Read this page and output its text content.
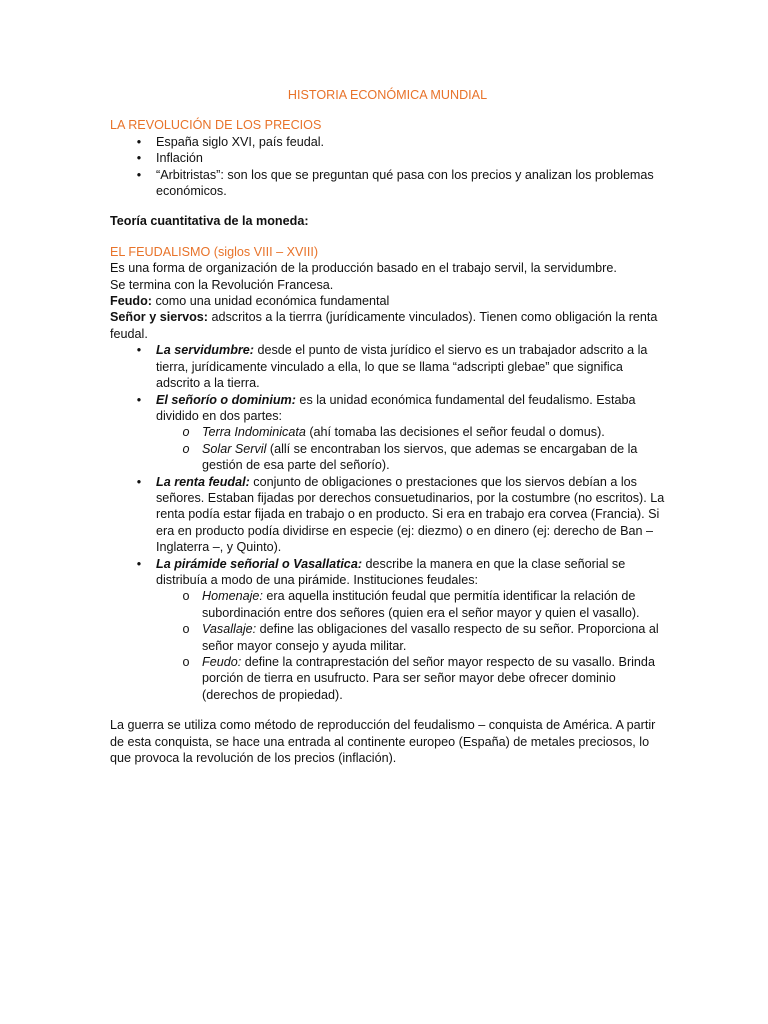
HISTORIA ECONÓMICA MUNDIAL

LA REVOLUCIÓN DE LOS PRECIOS

•	España siglo XVI, país feudal.
•	Inflación
•	“Arbitristas”: son los que se preguntan qué pasa con los precios y analizan los problemas económicos.

Teoría cuantitativa de la moneda:

EL FEUDALISMO (siglos VIII – XVIII)

Es una forma de organización de la producción basado en el trabajo servil, la servidumbre.

Se termina con la Revolución Francesa.

Feudo: como una unidad económica fundamental

Señor y siervos: adscritos a la tierrra (jurídicamente vinculados). Tienen como obligación la renta feudal.

•	La servidumbre: desde el punto de vista jurídico el siervo es un trabajador adscrito a la tierra, jurídicamente vinculado a ella, lo que se llama “adscripti glebae” que significa adscrito a la tierra.
•	El señorío o dominium: es la unidad económica fundamental del feudalismo. Estaba dividido en dos partes:
o Terra Indominicata (ahí tomaba las decisiones el señor feudal o domus).
o Solar Servil (allí se encontraban los siervos, que ademas se encargaban de la gestión de esa parte del señorío).
•	La renta feudal: conjunto de obligaciones o prestaciones que los siervos debían a los señores. Estaban fijadas por derechos consuetudinarios, por la costumbre (no escritos). La renta podía estar fijada en trabajo o en producto. Si era en trabajo era corvea (Francia). Si era en producto podía dividirse en especie (ej: diezmo) o en dinero (ej: derecho de Ban – Inglaterra –, y Quinto).
•	La pirámide señorial o Vasallatica: describe la manera en que la clase señorial se distribuía a modo de una pirámide. Instituciones feudales:
o Homenaje: era aquella institución feudal que permitía identificar la relación de subordinación entre dos señores (quien era el señor mayor y quien el vasallo).
o Vasallaje: define las obligaciones del vasallo respecto de su señor. Proporciona al señor mayor consejo y ayuda militar.
o Feudo: define la contraprestación del señor mayor respecto de su vasallo. Brinda porción de tierra en usufructo. Para ser señor mayor debe ofrecer dominio (derechos de propiedad).

La guerra se utiliza como método de reproducción del feudalismo – conquista de América. A partir de esta conquista, se hace una entrada al continente europeo (España) de metales preciosos, lo que provoca la revolución de los precios (inflación).
